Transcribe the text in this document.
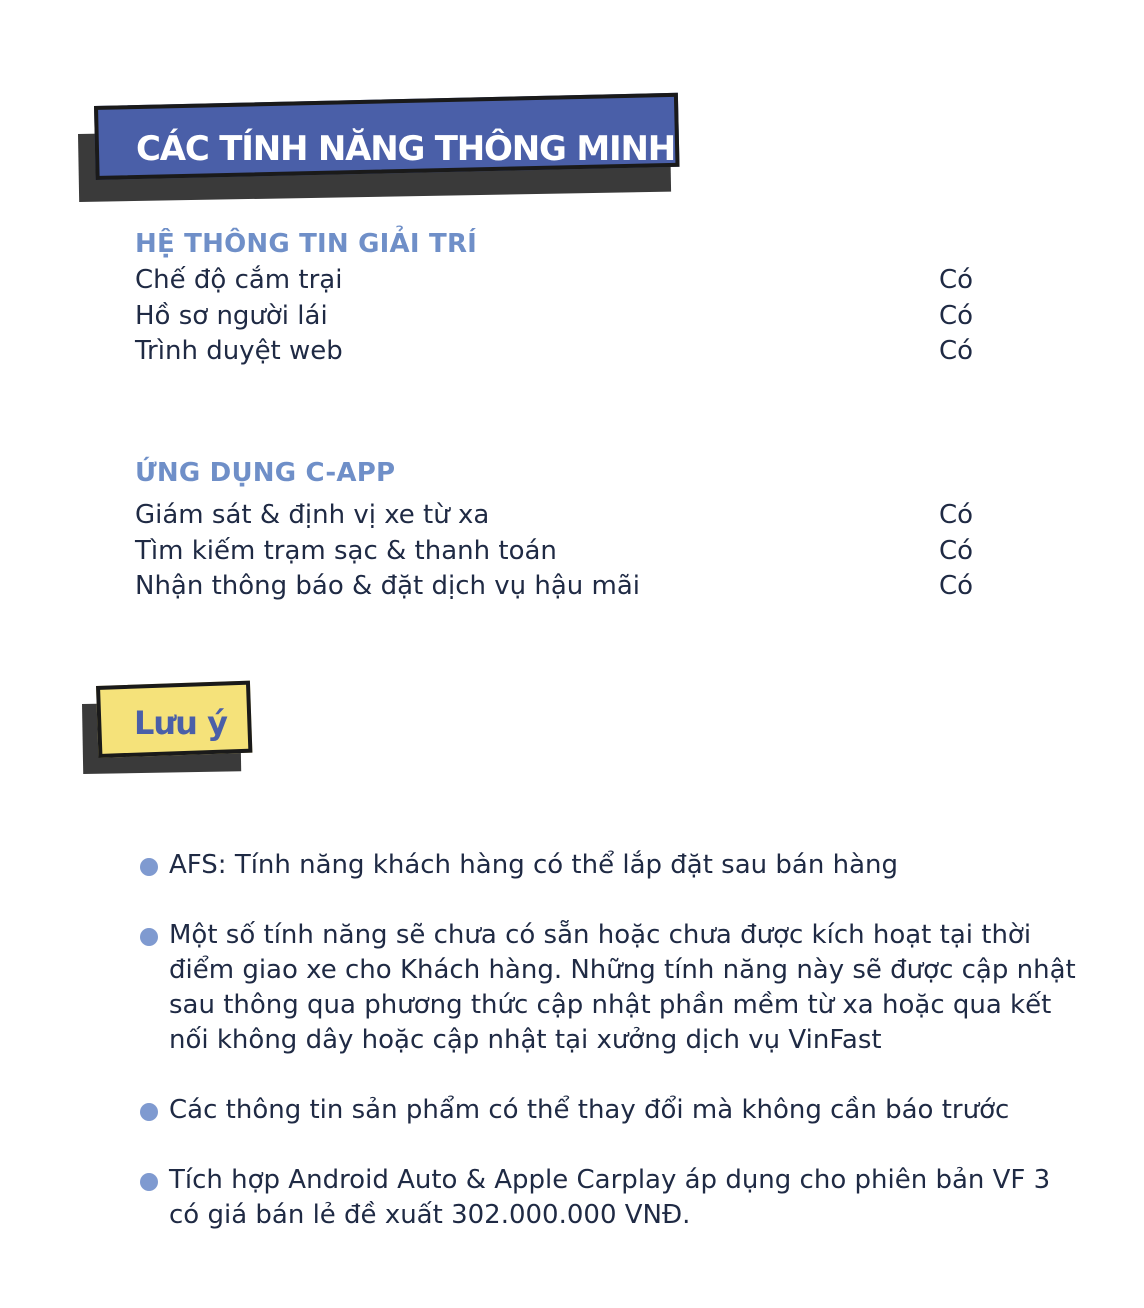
CÁC TÍNH NĂNG THÔNG MINH
HỆ THÔNG TIN GIẢI TRÍ
Chế độ cắm trại	Có
Hồ sơ người lái	Có
Trình duyệt web	Có
ỨNG DỤNG C-APP
Giám sát & định vị xe từ xa	Có
Tìm kiếm trạm sạc & thanh toán	Có
Nhận thông báo & đặt dịch vụ hậu mãi	Có
Lưu ý
AFS: Tính năng khách hàng có thể lắp đặt sau bán hàng
Một số tính năng sẽ chưa có sẵn hoặc chưa được kích hoạt tại thời điểm giao xe cho Khách hàng. Những tính năng này sẽ được cập nhật sau thông qua phương thức cập nhật phần mềm từ xa hoặc qua kết nối không dây hoặc cập nhật tại xưởng dịch vụ VinFast
Các thông tin sản phẩm có thể thay đổi mà không cần báo trước
Tích hợp Android Auto & Apple Carplay áp dụng cho phiên bản VF 3 có giá bán lẻ đề xuất 302.000.000 VNĐ.
